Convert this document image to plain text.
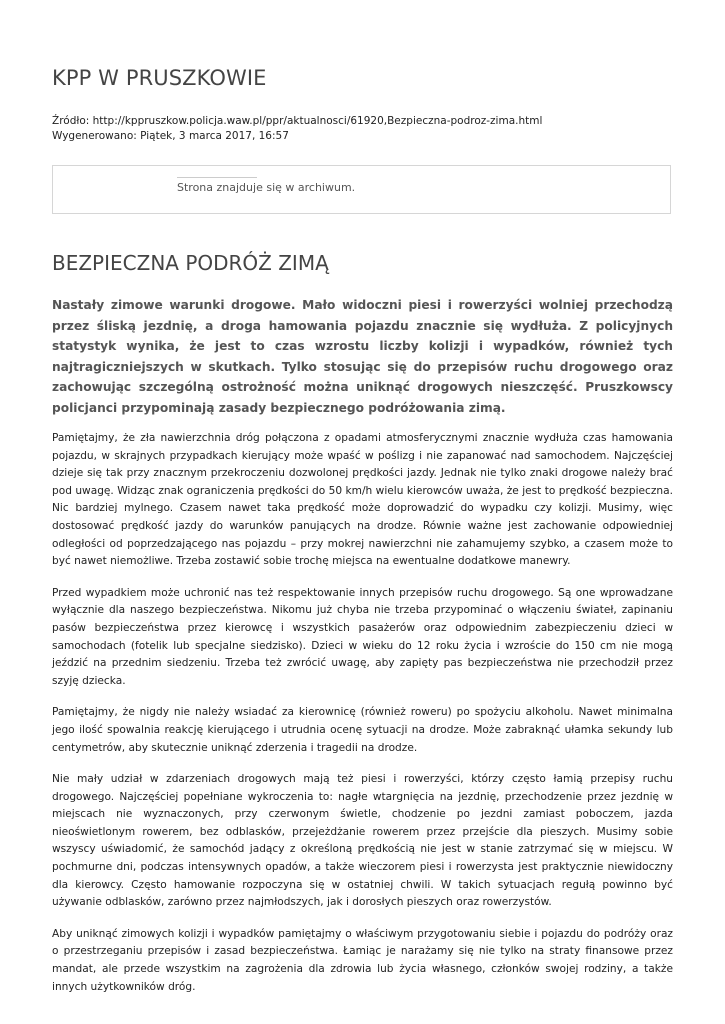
KPP W PRUSZKOWIE
Źródło: http://kppruszkow.policja.waw.pl/ppr/aktualnosci/61920,Bezpieczna-podroz-zima.html
Wygenerowano: Piątek, 3 marca 2017, 16:57
Strona znajduje się w archiwum.
BEZPIECZNA PODRÓŻ ZIMĄ

Nastały zimowe warunki drogowe. Mało widoczni piesi i rowerzyści wolniej przechodzą przez śliską jezdnię, a droga hamowania pojazdu znacznie się wydłuża. Z policyjnych statystyk wynika, że jest to czas wzrostu liczby kolizji i wypadków, również tych najtragiczniejszych w skutkach. Tylko stosując się do przepisów ruchu drogowego oraz zachowując szczególną ostrożność można uniknąć drogowych nieszczęść. Pruszkowscy policjanci przypominają zasady bezpiecznego podróżowania zimą.

Pamiętajmy, że zła nawierzchnia dróg połączona z opadami atmosferycznymi znacznie wydłuża czas hamowania pojazdu, w skrajnych przypadkach kierujący może wpaść w poślizg i nie zapanować nad samochodem. Najczęściej dzieje się tak przy znacznym przekroczeniu dozwolonej prędkości jazdy. Jednak nie tylko znaki drogowe należy brać pod uwagę. Widząc znak ograniczenia prędkości do 50 km/h wielu kierowców uważa, że jest to prędkość bezpieczna. Nic bardziej mylnego. Czasem nawet taka prędkość może doprowadzić do wypadku czy kolizji. Musimy, więc dostosować prędkość jazdy do warunków panujących na drodze. Równie ważne jest zachowanie odpowiedniej odległości od poprzedzającego nas pojazdu – przy mokrej nawierzchni nie zahamujemy szybko, a czasem może to być nawet niemożliwe. Trzeba zostawić sobie trochę miejsca na ewentualne dodatkowe manewry.

Przed wypadkiem może uchronić nas też respektowanie innych przepisów ruchu drogowego. Są one wprowadzane wyłącznie dla naszego bezpieczeństwa. Nikomu już chyba nie trzeba przypominać o włączeniu świateł, zapinaniu pasów bezpieczeństwa przez kierowcę i wszystkich pasażerów oraz odpowiednim zabezpieczeniu dzieci w samochodach (fotelik lub specjalne siedzisko). Dzieci w wieku do 12 roku życia i wzroście do 150 cm nie mogą jeździć na przednim siedzeniu. Trzeba też zwrócić uwagę, aby zapięty pas bezpieczeństwa nie przechodził przez szyję dziecka.

Pamiętajmy, że nigdy nie należy wsiadać za kierownicę (również roweru) po spożyciu alkoholu. Nawet minimalna jego ilość spowalnia reakcję kierującego i utrudnia ocenę sytuacji na drodze. Może zabraknąć ułamka sekundy lub centymetrów, aby skutecznie uniknąć zderzenia i tragedii na drodze.

Nie mały udział w zdarzeniach drogowych mają też piesi i rowerzyści, którzy często łamią przepisy ruchu drogowego. Najczęściej popełniane wykroczenia to: nagłe wtargnięcia na jezdnię, przechodzenie przez jezdnię w miejscach nie wyznaczonych, przy czerwonym świetle, chodzenie po jezdni zamiast poboczem, jazda nieoświetlonym rowerem, bez odblasków, przejeżdżanie rowerem przez przejście dla pieszych. Musimy sobie wszyscy uświadomić, że samochód jadący z określoną prędkością nie jest w stanie zatrzymać się w miejscu. W pochmurne dni, podczas intensywnych opadów, a także wieczorem piesi i rowerzysta jest praktycznie niewidoczny dla kierowcy. Często hamowanie rozpoczyna się w ostatniej chwili. W takich sytuacjach regułą powinno być używanie odblasków, zarówno przez najmłodszych, jak i dorosłych pieszych oraz rowerzystów.

Aby uniknąć zimowych kolizji i wypadków pamiętajmy o właściwym przygotowaniu siebie i pojazdu do podróży oraz o przestrzeganiu przepisów i zasad bezpieczeństwa. Łamiąc je narażamy się nie tylko na straty finansowe przez mandat, ale przede wszystkim na zagrożenia dla zdrowia lub życia własnego, członków swojej rodziny, a także innych użytkowników dróg.
